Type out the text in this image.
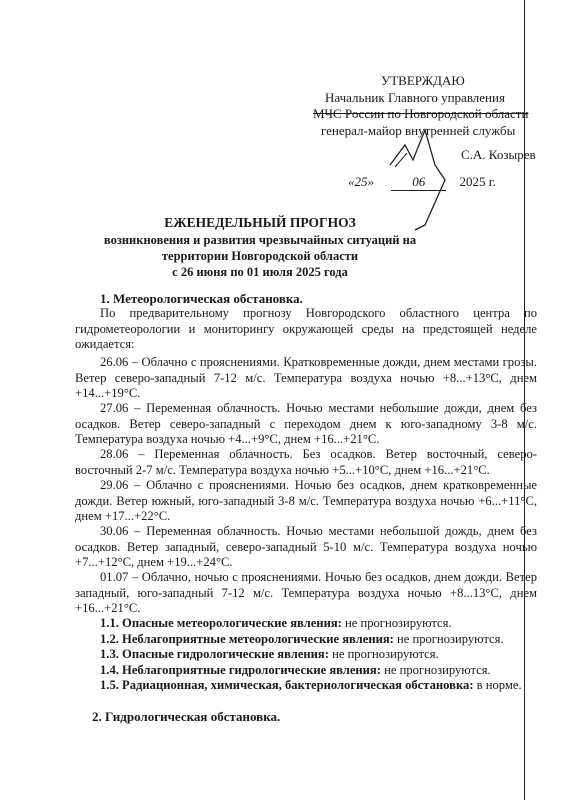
УТВЕРЖДАЮ
Начальник Главного управления
МЧС России по Новгородской области
генерал-майор внутренней службы
С.А. Козырев
«25»	06	2025 г.
ЕЖЕНЕДЕЛЬНЫЙ ПРОГНОЗ
возникновения и развития чрезвычайных ситуаций на
территории Новгородской области
с 26 июня по 01 июля 2025 года
1. Метеорологическая обстановка.
По предварительному прогнозу Новгородского областного центра по гидрометеорологии и мониторингу окружающей среды на предстоящей неделе ожидается:
26.06 – Облачно с прояснениями. Кратковременные дожди, днем местами грозы. Ветер северо-западный 7-12 м/с. Температура воздуха ночью +8...+13°С, днем +14...+19°С.
27.06 – Переменная облачность. Ночью местами небольшие дожди, днем без осадков. Ветер северо-западный с переходом днем к юго-западному 3-8 м/с. Температура воздуха ночью +4...+9°С, днем +16...+21°С.
28.06 – Переменная облачность. Без осадков. Ветер восточный, северо-восточный 2-7 м/с. Температура воздуха ночью +5...+10°С, днем +16...+21°С.
29.06 – Облачно с прояснениями. Ночью без осадков, днем кратковременные дожди. Ветер южный, юго-западный 3-8 м/с. Температура воздуха ночью +6...+11°С, днем +17...+22°С.
30.06 – Переменная облачность. Ночью местами небольшой дождь, днем без осадков. Ветер западный, северо-западный 5-10 м/с. Температура воздуха ночью +7...+12°С, днем +19...+24°С.
01.07 – Облачно, ночью с прояснениями. Ночью без осадков, днем дожди. Ветер западный, юго-западный 7-12 м/с. Температура воздуха ночью +8...13°С, днем +16...+21°С.
1.1. Опасные метеорологические явления: не прогнозируются.
1.2. Неблагоприятные метеорологические явления: не прогнозируются.
1.3. Опасные гидрологические явления: не прогнозируются.
1.4. Неблагоприятные гидрологические явления: не прогнозируются.
1.5. Радиационная, химическая, бактериологическая обстановка: в норме.
2. Гидрологическая обстановка.
